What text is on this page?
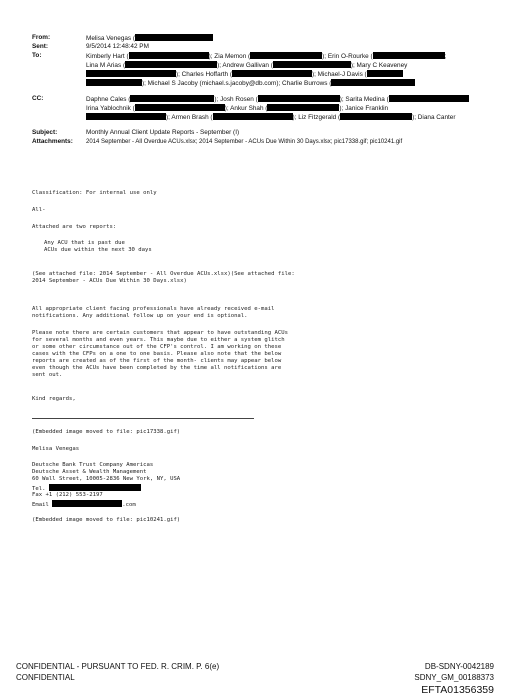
From:	Melisa Venegas (
Sent:	9/5/2014 12:48:42 PM
To:	Kimberly Hart (	); Zia Memon (	); Erin O-Rourke (	;
Lina M Arias (	); Andrew Gallivan (	); Mary C Keaveney
); Charles Hoffarth (	); Michael-J Davis (
); Michael S Jacoby (michael.s.jacoby@db.com); Charlie Burrows (
CC:	Daphne Cales (	); Josh Rosen (	); Sarita Medina (
Irina Yablochnik (	); Ankur Shah (	); Janice Franklin
); Armen Brash (	); Liz Fitzgerald (	); Diana Canter
Subject:	Monthly Annual Client Update Reports - September (I)
Attachments: 2014 September - All Overdue ACUs.xlsx; 2014 September - ACUs Due Within 30 Days.xlsx; pic17338.gif; pic10241.gif
Classification: For internal use only
All-
Attached are two reports:
Any ACU that is past due
ACUs due within the next 30 days
(See attached file: 2014 September - All Overdue ACUs.xlsx)(See attached file:
2014 September - ACUs Due Within 30 Days.xlsx)
All appropriate client facing professionals have already received e-mail
notifications. Any additional follow up on your end is optional.
Please note there are certain customers that appear to have outstanding ACUs
for several months and even years. This maybe due to either a system glitch
or some other circumstance out of the CFP's control. I am working on these
cases with the CFPs on a one to one basis. Please also note that the below
reports are created as of the first of the month- clients may appear below
even though the ACUs have been completed by the time all notifications are
sent out.
Kind regards,
(Embedded image moved to file: pic17338.gif)
Melisa Venegas
Deutsche Bank Trust Company Americas
Deutsche Asset & Wealth Management
60 Wall Street, 10005-2836 New York, NY, USA
Tel.
Fax +1 (212) 553-2197
Email	.com
(Embedded image moved to file: pic10241.gif)
CONFIDENTIAL - PURSUANT TO FED. R. CRIM. P. 6(e)
CONFIDENTIAL
DB-SDNY-0042189
SDNY_GM_00188373
EFTA01356359
